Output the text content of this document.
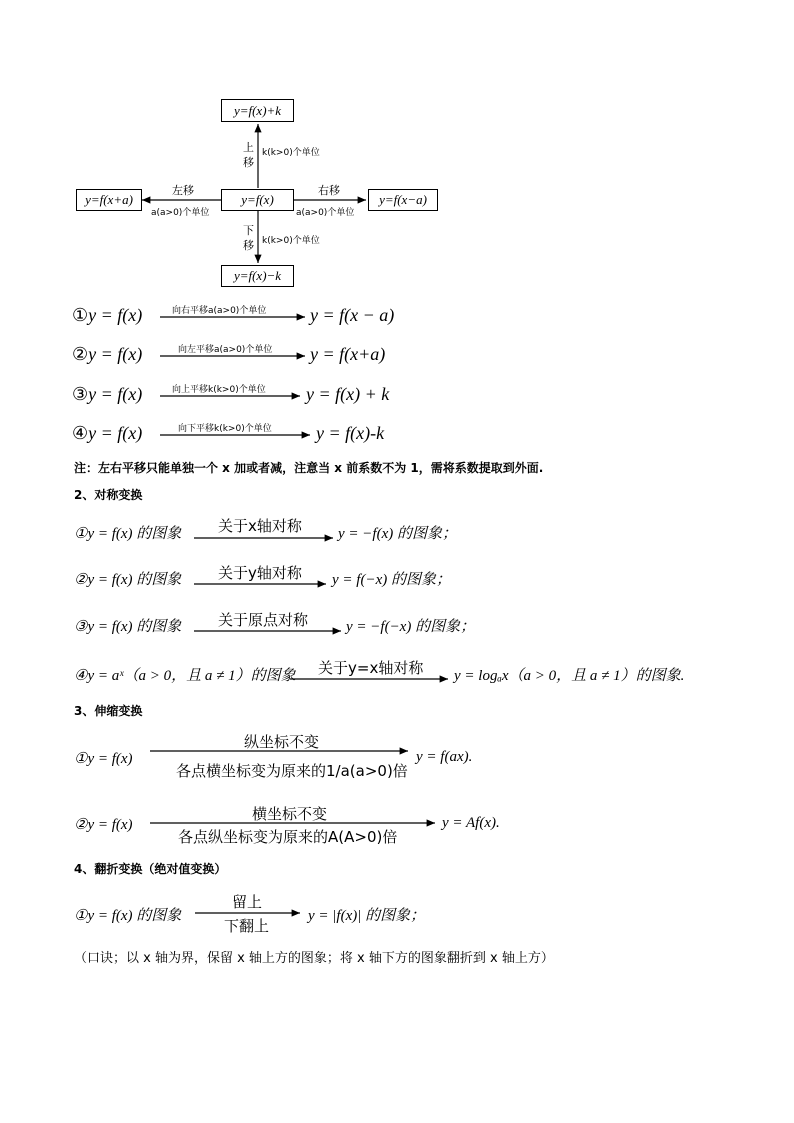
y=f(x)+k
y=f(x)
y=f(x+a)	y=f(x−a)
y=f(x)−k
上
移
k(k>0)个单位
下
移 k(k>0)个单位
左移
a(a>0)个单位
右移
a(a>0)个单位
①y = f(x)	向右平移a(a>0)个单位 y = f(x − a)
②y = f(x)	向左平移a(a>0)个单位 y = f(x+a)
③y = f(x)	向上平移k(k>0)个单位 y = f(x) + k
④y = f(x)	向下平移k(k>0)个单位 y = f(x)-k
注：左右平移只能单独一个 x 加或者减，注意当 x 前系数不为 1，需将系数提取到外面.
2、对称变换
①y = f(x) 的图象 关于x轴对称 y = −f(x) 的图象；
②y = f(x) 的图象 关于y轴对称 y = f(−x) 的图象；
③y = f(x) 的图象 关于原点对称	y = −f(−x) 的图象；
④y = aˣ（a > 0，且 a ≠ 1）的图象 关于y=x轴对称 y = logₐx（a > 0，且 a ≠ 1）的图象.
3、伸缩变换
①y = f(x)
纵坐标不变
各点横坐标变为原来的1/a(a>0)倍
y = f(ax).
②y = f(x)
横坐标不变
各点纵坐标变为原来的A(A>0)倍
y = Af(x).
4、翻折变换（绝对值变换）
①y = f(x) 的图象
留上
下翻上
y = |f(x)| 的图象；
（口诀；以 x 轴为界，保留 x 轴上方的图象；将 x 轴下方的图象翻折到 x 轴上方）
